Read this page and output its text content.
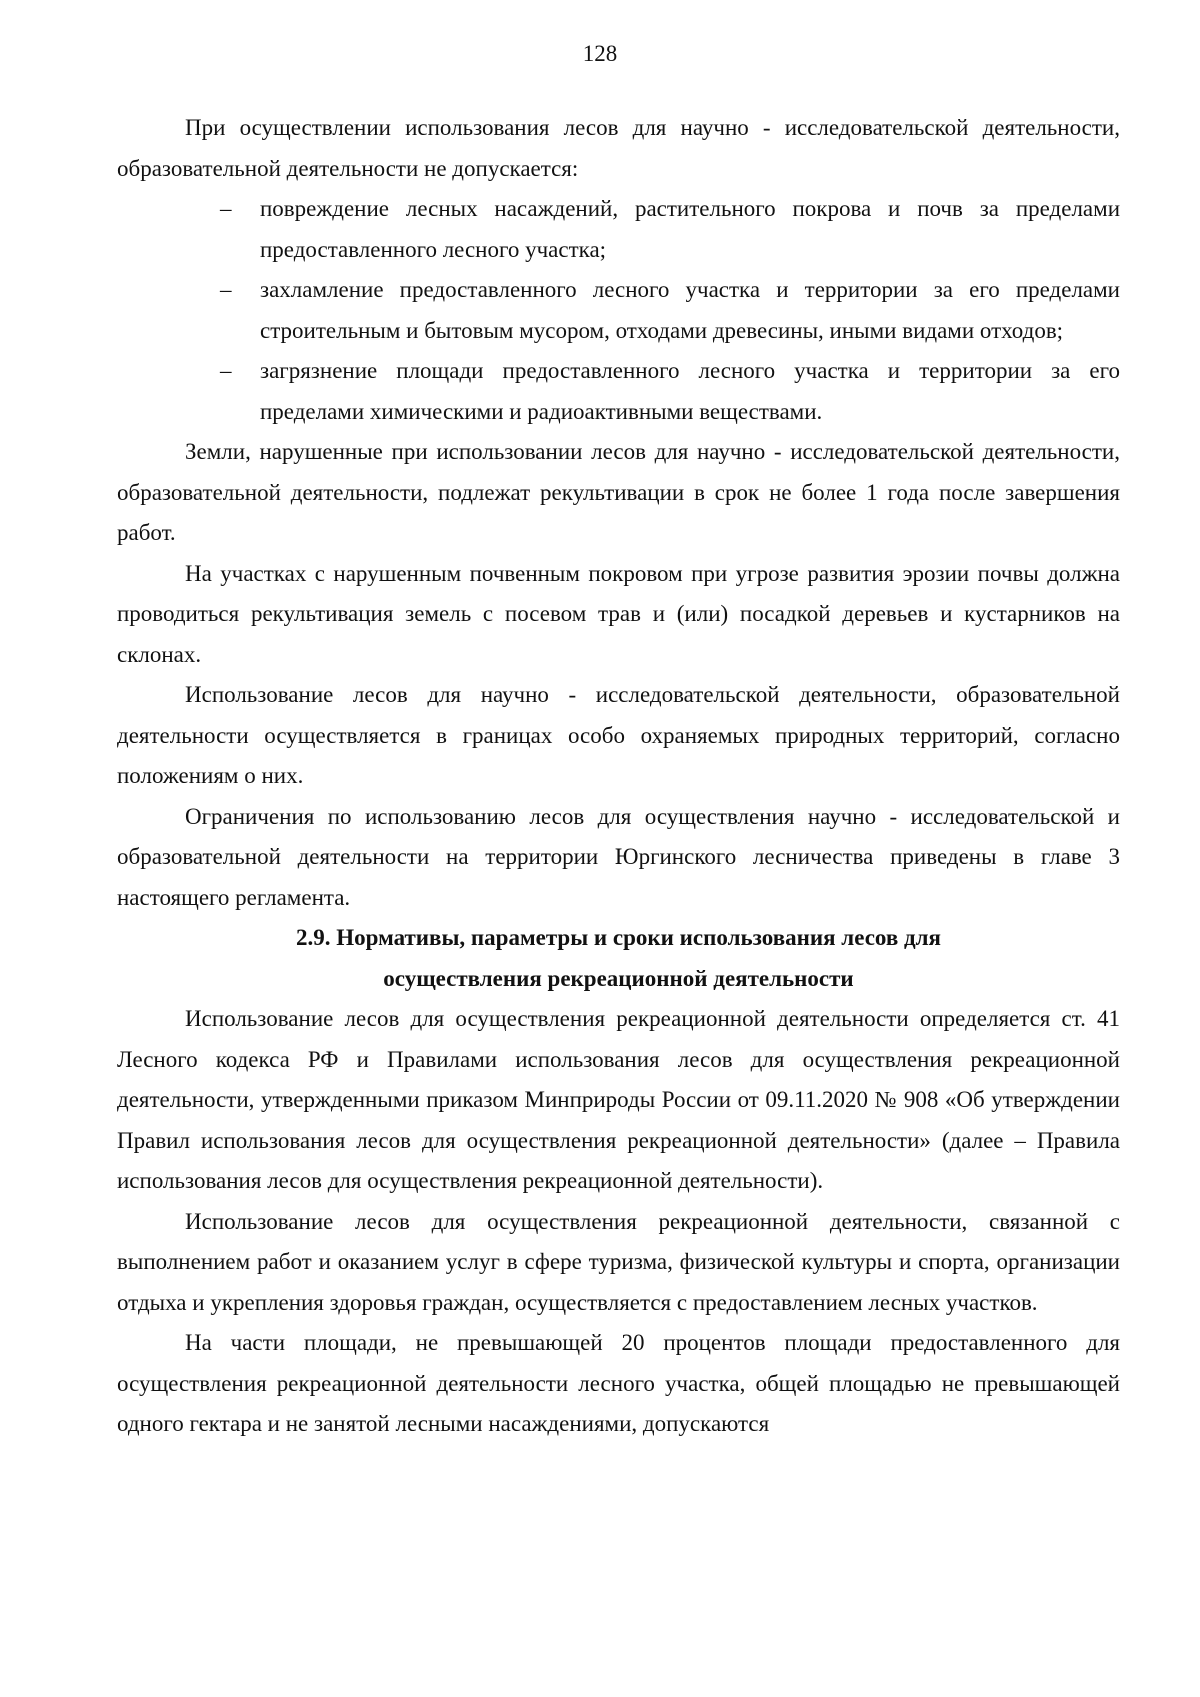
128

При осуществлении использования лесов для научно - исследовательской деятельности, образовательной деятельности не допускается:

– повреждение лесных насаждений, растительного покрова и почв за пределами предоставленного лесного участка;
– захламление предоставленного лесного участка и территории за его пределами строительным и бытовым мусором, отходами древесины, иными видами отходов;
– загрязнение площади предоставленного лесного участка и территории за его пределами химическими и радиоактивными веществами.

Земли, нарушенные при использовании лесов для научно - исследовательской деятельности, образовательной деятельности, подлежат рекультивации в срок не более 1 года после завершения работ.

На участках с нарушенным почвенным покровом при угрозе развития эрозии почвы должна проводиться рекультивация земель с посевом трав и (или) посадкой деревьев и кустарников на склонах.

Использование лесов для научно - исследовательской деятельности, образовательной деятельности осуществляется в границах особо охраняемых природных территорий, согласно положениям о них.

Ограничения по использованию лесов для осуществления научно - исследовательской и образовательной деятельности на территории Юргинского лесничества приведены в главе 3 настоящего регламента.

2.9. Нормативы, параметры и сроки использования лесов для осуществления рекреационной деятельности

Использование лесов для осуществления рекреационной деятельности определяется ст. 41 Лесного кодекса РФ и Правилами использования лесов для осуществления рекреационной деятельности, утвержденными приказом Минприроды России от 09.11.2020 № 908 «Об утверждении Правил использования лесов для осуществления рекреационной деятельности» (далее – Правила использования лесов для осуществления рекреационной деятельности).

Использование лесов для осуществления рекреационной деятельности, связанной с выполнением работ и оказанием услуг в сфере туризма, физической культуры и спорта, организации отдыха и укрепления здоровья граждан, осуществляется с предоставлением лесных участков.

На части площади, не превышающей 20 процентов площади предоставленного для осуществления рекреационной деятельности лесного участка, общей площадью не превышающей одного гектара и не занятой лесными насаждениями, допускаются
